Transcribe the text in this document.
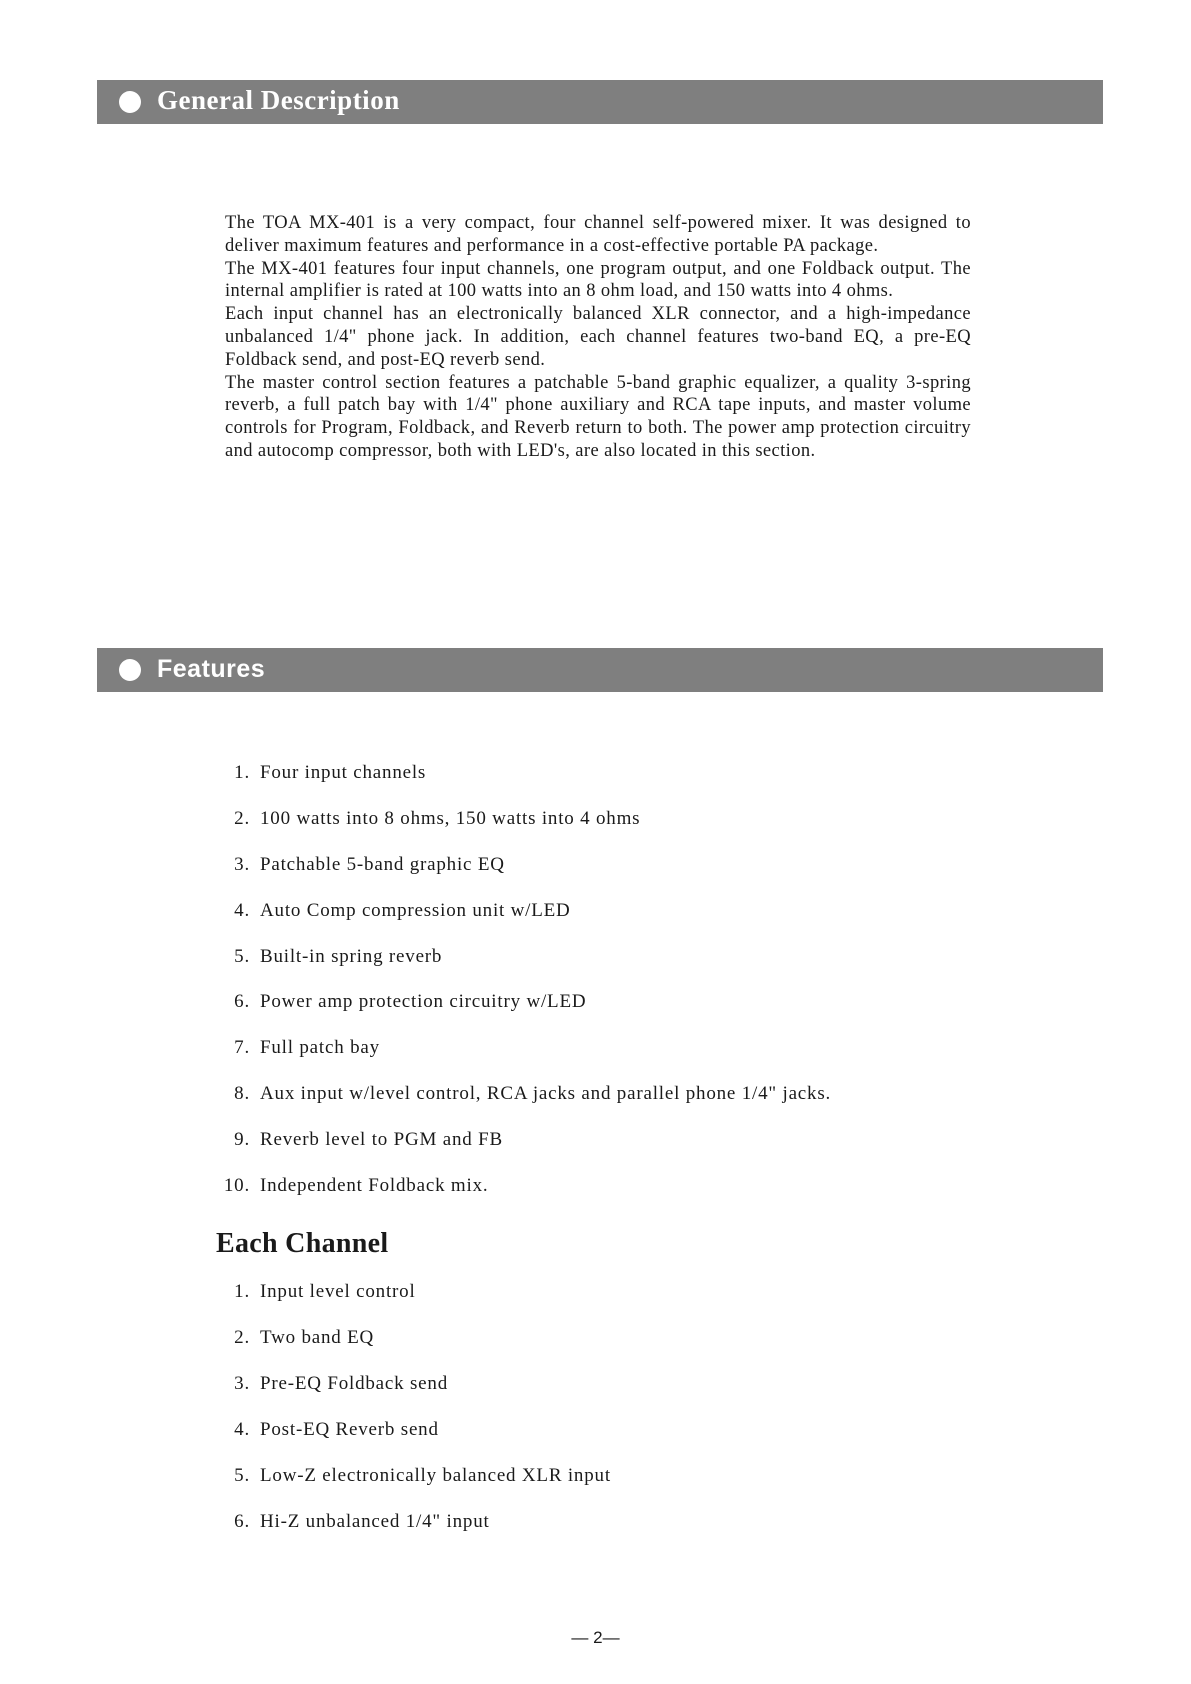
General Description

The TOA MX-401 is a very compact, four channel self-powered mixer. It was designed to deliver maximum features and performance in a cost-effective portable PA package.

The MX-401 features four input channels, one program output, and one Foldback output. The internal amplifier is rated at 100 watts into an 8 ohm load, and 150 watts into 4 ohms.

Each input channel has an electronically balanced XLR connector, and a high-impedance unbalanced 1/4" phone jack. In addition, each channel features two-band EQ, a pre-EQ Foldback send, and post-EQ reverb send.

The master control section features a patchable 5-band graphic equalizer, a quality 3-spring reverb, a full patch bay with 1/4" phone auxiliary and RCA tape inputs, and master volume controls for Program, Foldback, and Reverb return to both. The power amp protection circuitry and autocomp compressor, both with LED's, are also located in this section.

Features
1. Four input channels
2. 100 watts into 8 ohms, 150 watts into 4 ohms
3. Patchable 5-band graphic EQ
4. Auto Comp compression unit w/LED
5. Built-in spring reverb
6. Power amp protection circuitry w/LED
7. Full patch bay
8. Aux input w/level control, RCA jacks and parallel phone 1/4" jacks.
9. Reverb level to PGM and FB
10. Independent Foldback mix.
Each Channel
1. Input level control
2. Two band EQ
3. Pre-EQ Foldback send
4. Post-EQ Reverb send
5. Low-Z electronically balanced XLR input
6. Hi-Z unbalanced 1/4" input
— 2—
